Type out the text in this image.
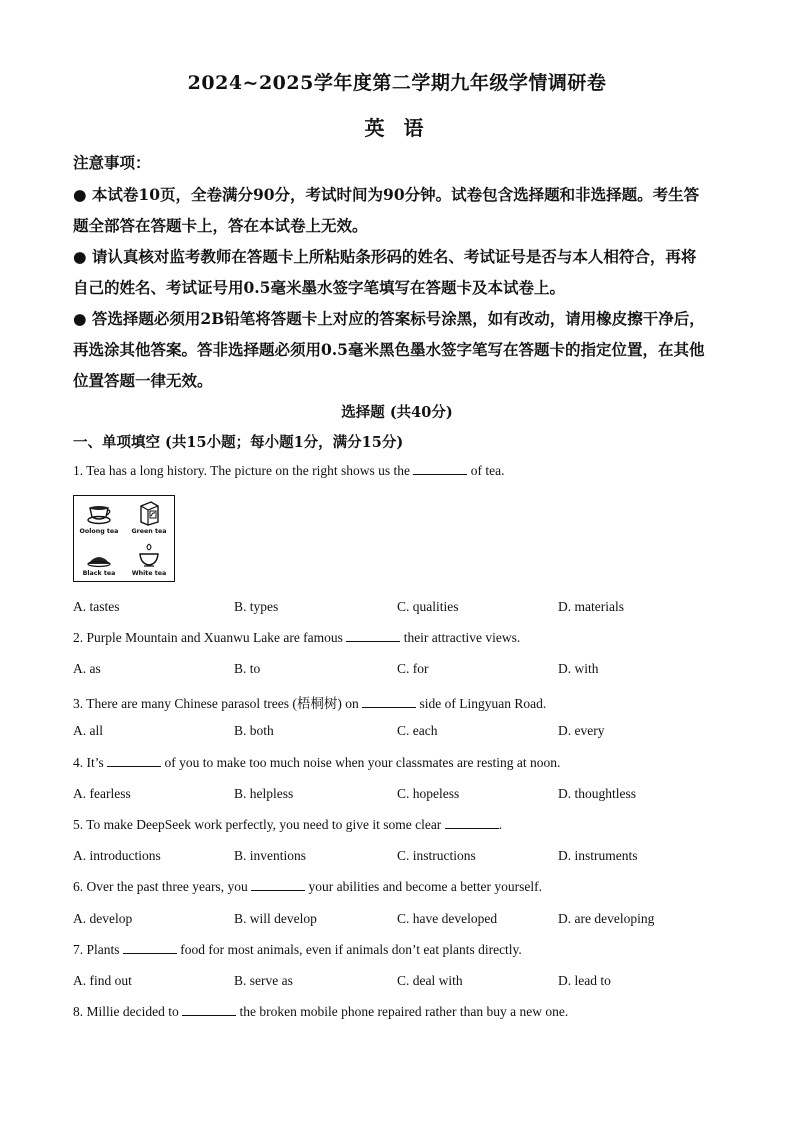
2024~2025学年度第二学期九年级学情调研卷
英 语
注意事项：
● 本试卷10页，全卷满分90分，考试时间为90分钟。试卷包含选择题和非选择题。考生答
题全部答在答题卡上，答在本试卷上无效。
● 请认真核对监考教师在答题卡上所粘贴条形码的姓名、考试证号是否与本人相符合，再将
自己的姓名、考试证号用0.5毫米墨水签字笔填写在答题卡及本试卷上。
● 答选择题必须用2B铅笔将答题卡上对应的答案标号涂黑，如有改动，请用橡皮擦干净后，
再选涂其他答案。答非选择题必须用0.5毫米黑色墨水签字笔写在答题卡的指定位置，在其他
位置答题一律无效。
选择题 (共40分)
一、单项填空 (共15小题；每小题1分，满分15分)
1. Tea has a long history. The picture on the right shows us the	of tea.
Oolong tea	Green tea
Black tea	White tea
A. tastes	B. types	C. qualities	D. materials
2. Purple Mountain and Xuanwu Lake are famous	their attractive views.
A. as	B. to	C. for	D. with
3. There are many Chinese parasol trees (梧桐树) on	side of Lingyuan Road.
A. all	B. both	C. each	D. every
4. It’s	of you to make too much noise when your classmates are resting at noon.
A. fearless	B. helpless	C. hopeless	D. thoughtless
5. To make DeepSeek work perfectly, you need to give it some clear	.
A. introductions	B. inventions	C. instructions	D. instruments
6. Over the past three years, you	your abilities and become a better yourself.
A. develop	B. will develop	C. have developed	D. are developing
7. Plants	food for most animals, even if animals don’t eat plants directly.
A. find out	B. serve as	C. deal with	D. lead to
8. Millie decided to	the broken mobile phone repaired rather than buy a new one.
